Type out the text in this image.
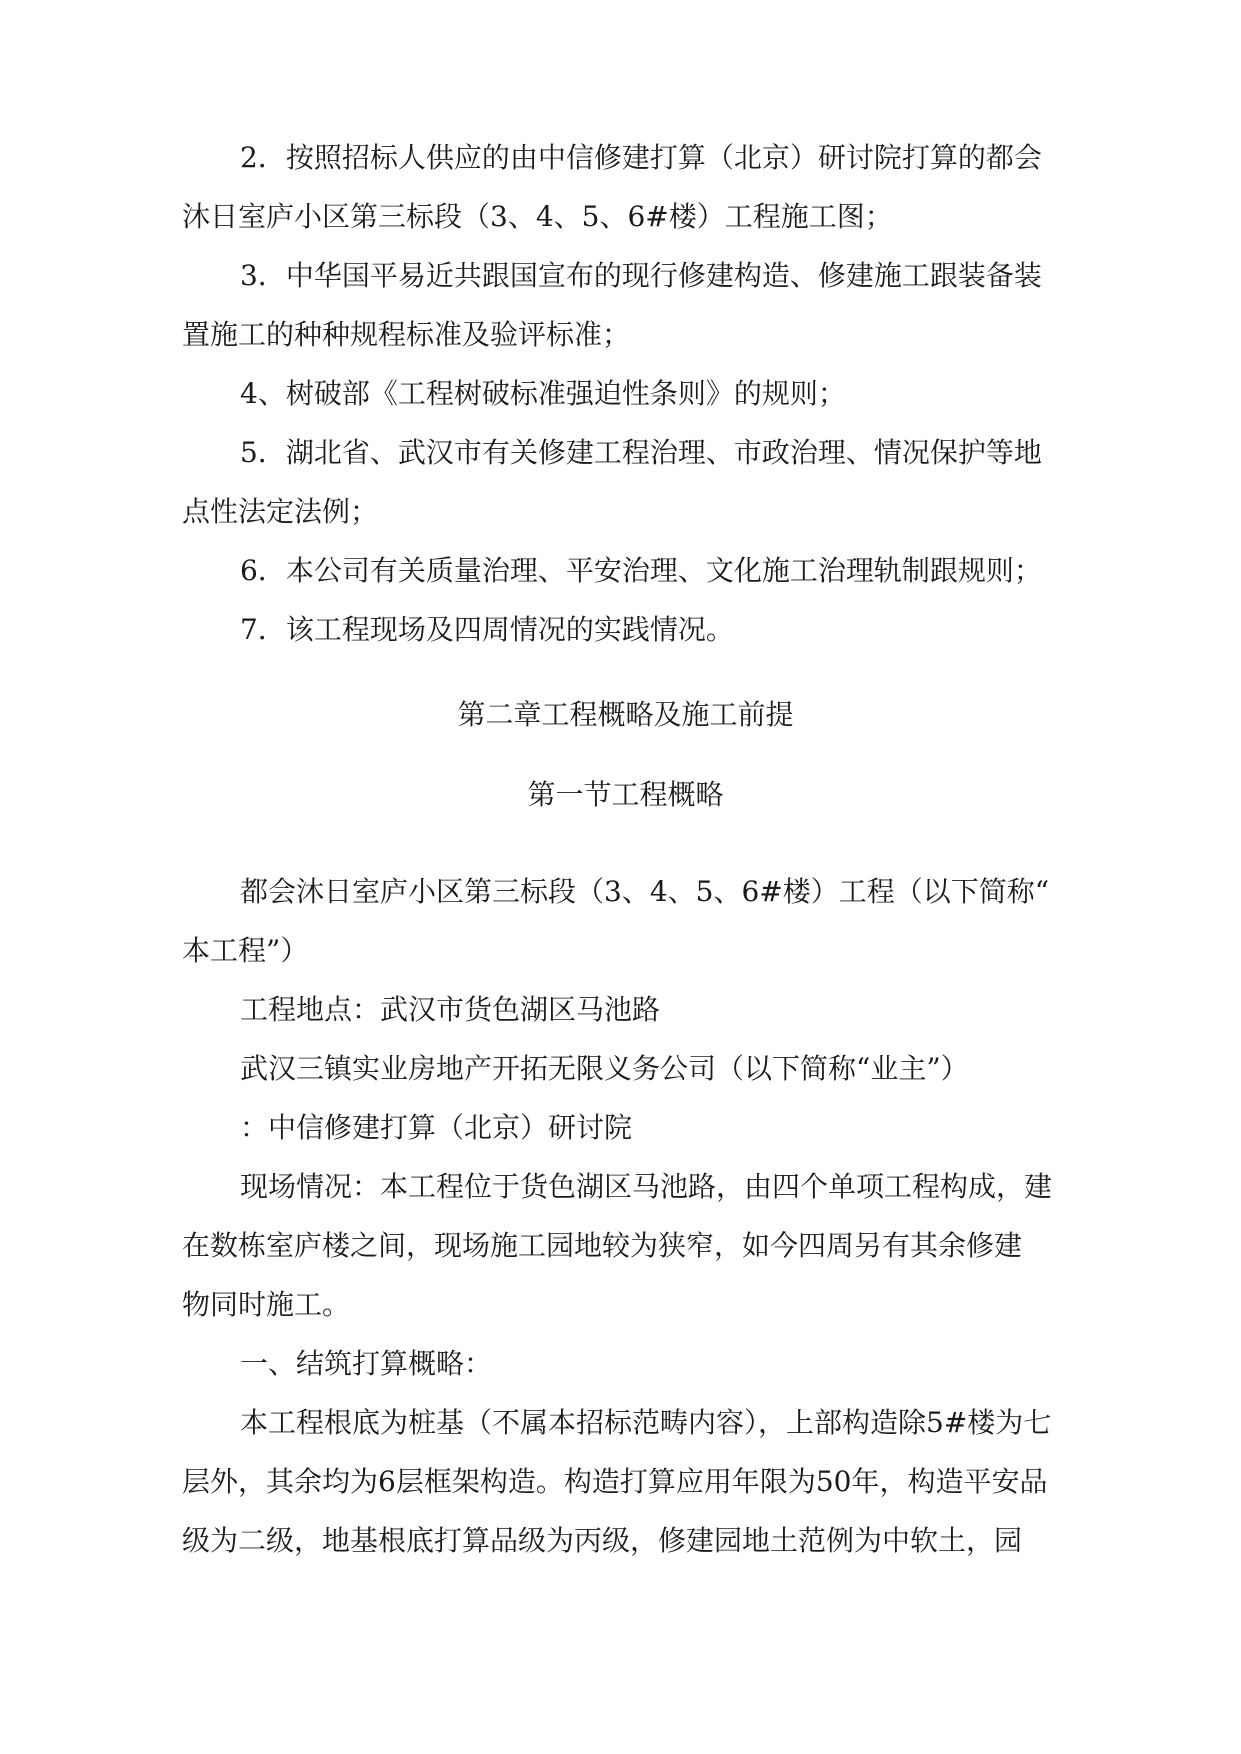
2．按照招标人供应的由中信修建打算（北京）研讨院打算的都会
沐日室庐小区第三标段（3、4、5、6#楼）工程施工图；
3．中华国平易近共跟国宣布的现行修建构造、修建施工跟装备装
置施工的种种规程标准及验评标准；
4、树破部《工程树破标准强迫性条则》的规则；
5．湖北省、武汉市有关修建工程治理、市政治理、情况保护等地
点性法定法例；
6．本公司有关质量治理、平安治理、文化施工治理轨制跟规则；
7．该工程现场及四周情况的实践情况。
第二章工程概略及施工前提
第一节工程概略
都会沐日室庐小区第三标段（3、4、5、6#楼）工程（以下简称“
本工程”）
工程地点：武汉市货色湖区马池路
武汉三镇实业房地产开拓无限义务公司（以下简称“业主”）
：中信修建打算（北京）研讨院
现场情况：本工程位于货色湖区马池路，由四个单项工程构成，建
在数栋室庐楼之间，现场施工园地较为狭窄，如今四周另有其余修建
物同时施工。
一、结筑打算概略：
本工程根底为桩基（不属本招标范畴内容），上部构造除5#楼为七
层外，其余均为6层框架构造。构造打算应用年限为50年，构造平安品
级为二级，地基根底打算品级为丙级，修建园地土范例为中软土，园
